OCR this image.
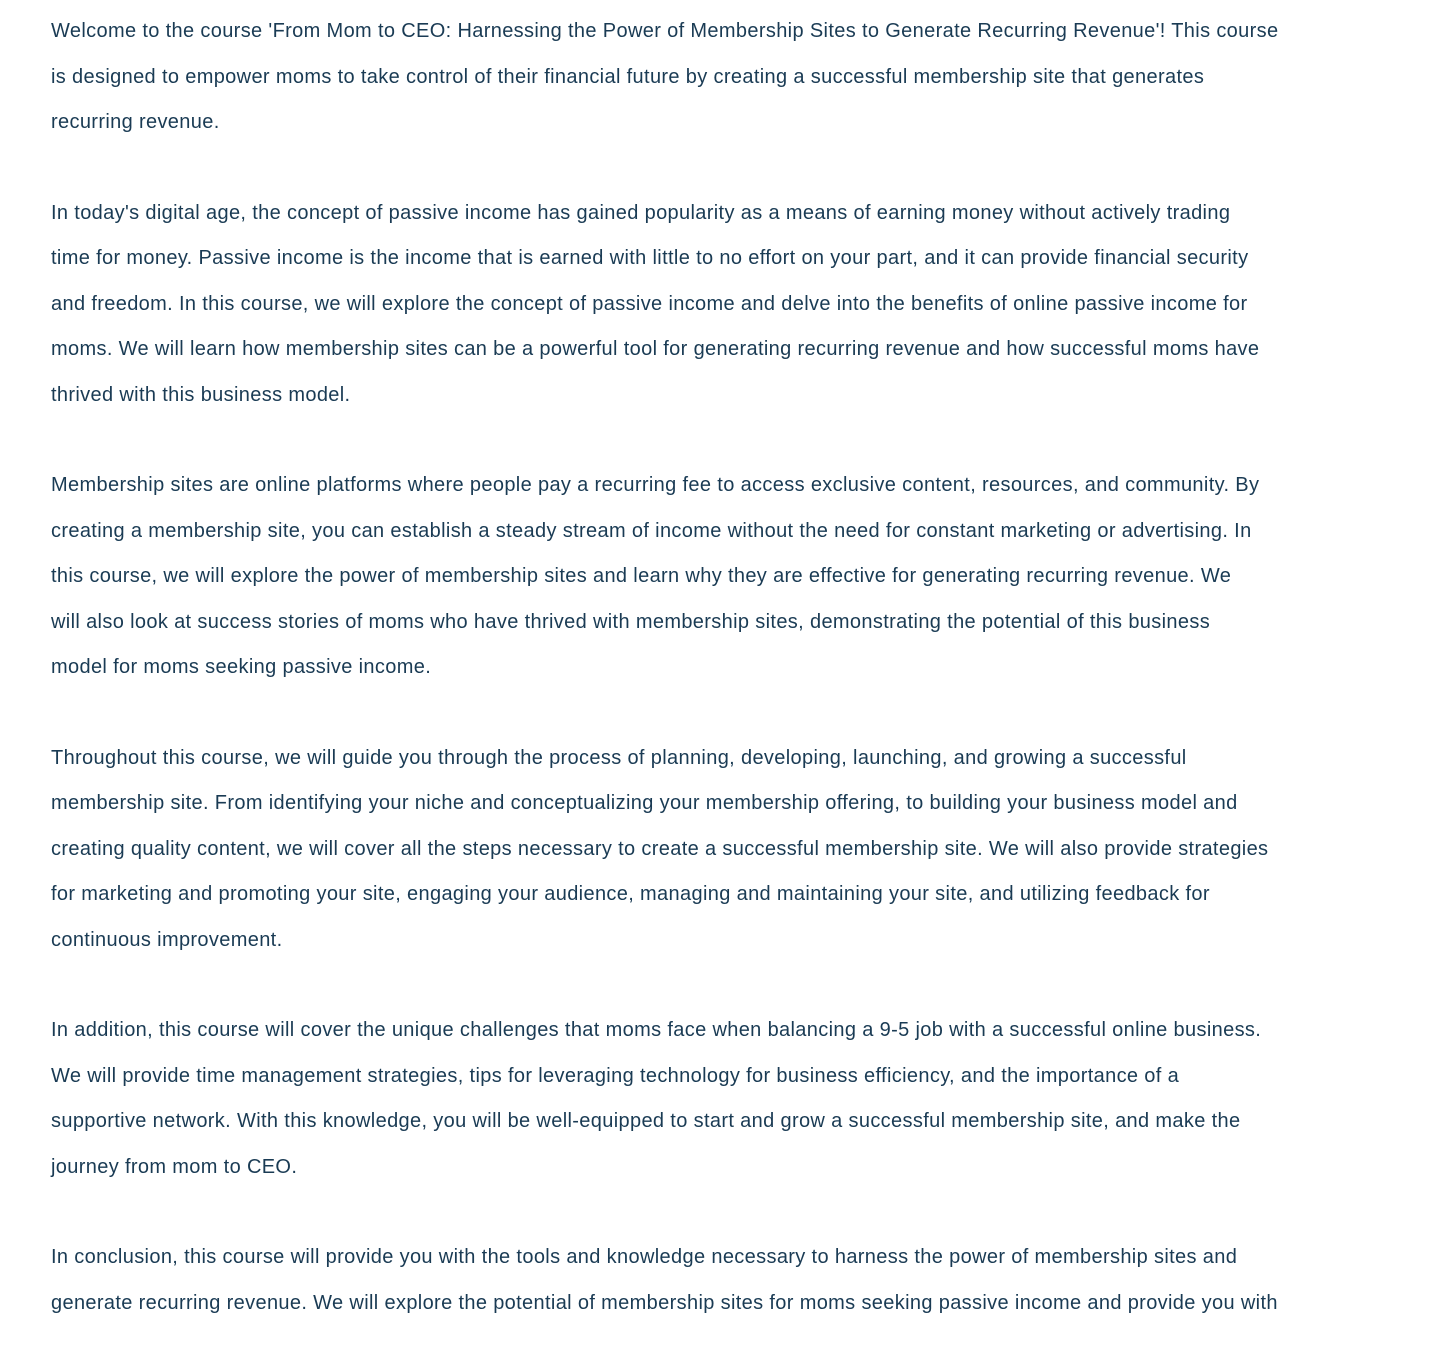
Welcome to the course 'From Mom to CEO: Harnessing the Power of Membership Sites to Generate Recurring Revenue'! This course
is designed to empower moms to take control of their financial future by creating a successful membership site that generates
recurring revenue.

In today's digital age, the concept of passive income has gained popularity as a means of earning money without actively trading
time for money. Passive income is the income that is earned with little to no effort on your part, and it can provide financial security
and freedom. In this course, we will explore the concept of passive income and delve into the benefits of online passive income for
moms. We will learn how membership sites can be a powerful tool for generating recurring revenue and how successful moms have
thrived with this business model.

Membership sites are online platforms where people pay a recurring fee to access exclusive content, resources, and community. By
creating a membership site, you can establish a steady stream of income without the need for constant marketing or advertising. In
this course, we will explore the power of membership sites and learn why they are effective for generating recurring revenue. We
will also look at success stories of moms who have thrived with membership sites, demonstrating the potential of this business
model for moms seeking passive income.

Throughout this course, we will guide you through the process of planning, developing, launching, and growing a successful
membership site. From identifying your niche and conceptualizing your membership offering, to building your business model and
creating quality content, we will cover all the steps necessary to create a successful membership site. We will also provide strategies
for marketing and promoting your site, engaging your audience, managing and maintaining your site, and utilizing feedback for
continuous improvement.

In addition, this course will cover the unique challenges that moms face when balancing a 9-5 job with a successful online business.
We will provide time management strategies, tips for leveraging technology for business efficiency, and the importance of a
supportive network. With this knowledge, you will be well-equipped to start and grow a successful membership site, and make the
journey from mom to CEO.

In conclusion, this course will provide you with the tools and knowledge necessary to harness the power of membership sites and
generate recurring revenue. We will explore the potential of membership sites for moms seeking passive income and provide you with
